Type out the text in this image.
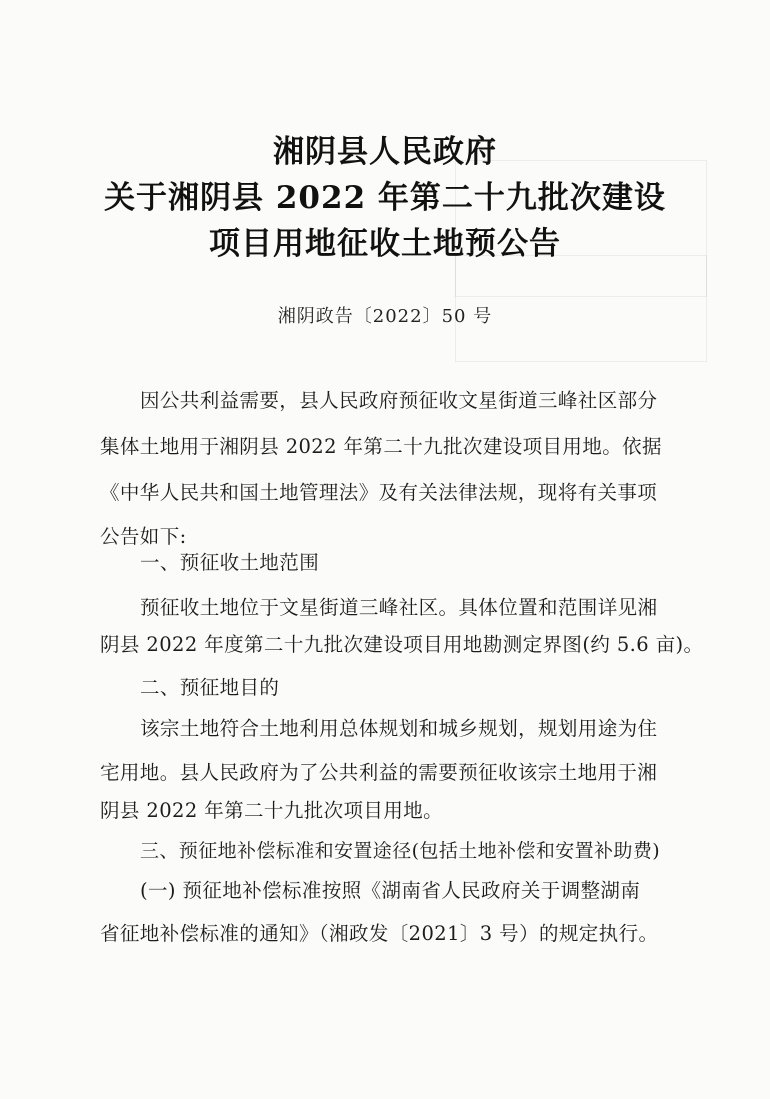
湘阴县人民政府
关于湘阴县 2022 年第二十九批次建设
项目用地征收土地预公告
湘阴政告〔2022〕50 号
因公共利益需要，县人民政府预征收文星街道三峰社区部分
集体土地用于湘阴县 2022 年第二十九批次建设项目用地。依据
《中华人民共和国土地管理法》及有关法律法规，现将有关事项
公告如下:
一、预征收土地范围
预征收土地位于文星街道三峰社区。具体位置和范围详见湘
阴县 2022 年度第二十九批次建设项目用地勘测定界图(约 5.6 亩)。
二、预征地目的
该宗土地符合土地利用总体规划和城乡规划，规划用途为住
宅用地。县人民政府为了公共利益的需要预征收该宗土地用于湘
阴县 2022 年第二十九批次项目用地。
三、预征地补偿标准和安置途径(包括土地补偿和安置补助费)
(一) 预征地补偿标准按照《湖南省人民政府关于调整湖南
省征地补偿标准的通知》（湘政发〔2021〕3 号）的规定执行。
